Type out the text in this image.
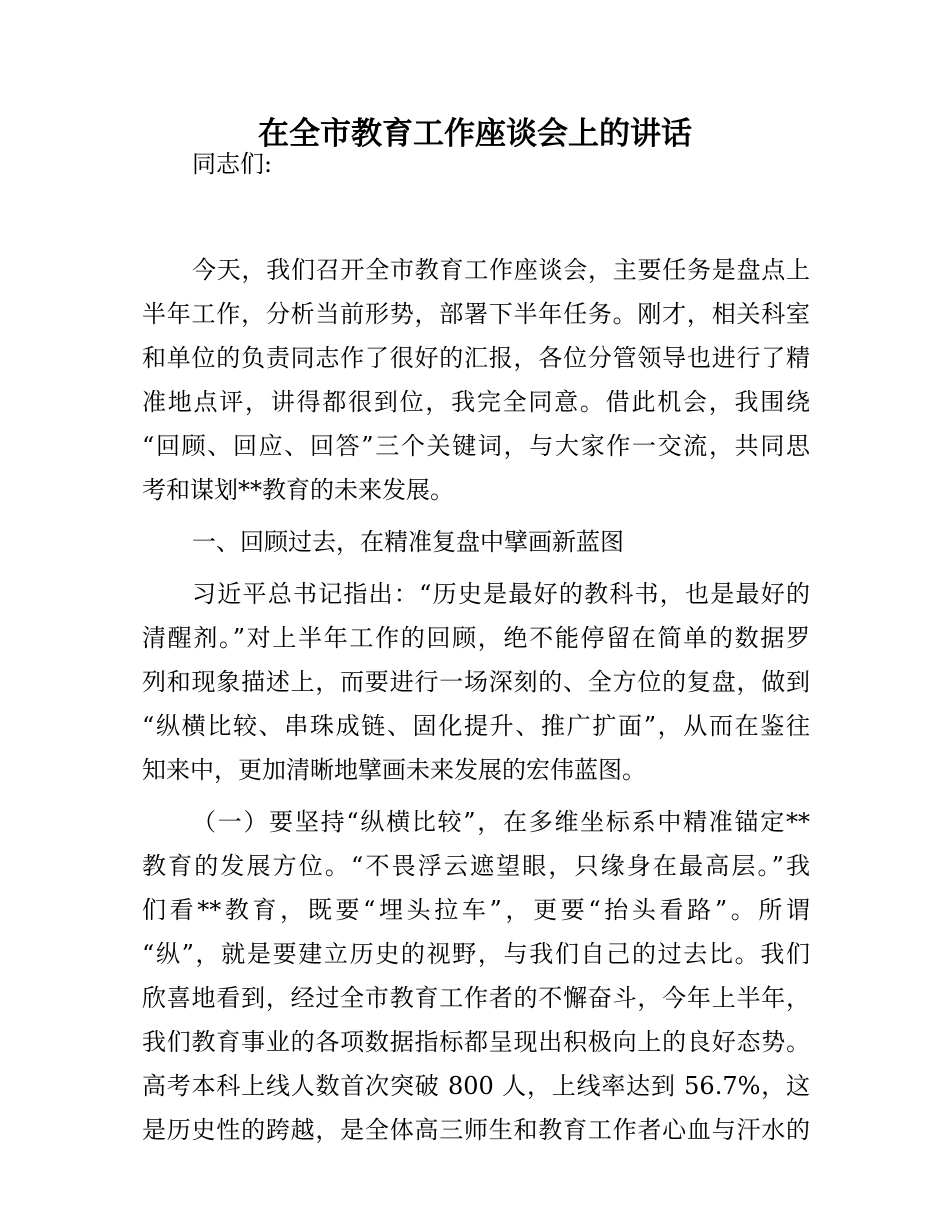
在全市教育工作座谈会上的讲话
同志们:
今天，我们召开全市教育工作座谈会，主要任务是盘点上
半年工作，分析当前形势，部署下半年任务。刚才，相关科室
和单位的负责同志作了很好的汇报，各位分管领导也进行了精
准地点评，讲得都很到位，我完全同意。借此机会，我围绕
“回顾、回应、回答”三个关键词，与大家作一交流，共同思
考和谋划**教育的未来发展。
一、回顾过去，在精准复盘中擘画新蓝图
习近平总书记指出：“历史是最好的教科书，也是最好的
清醒剂。”对上半年工作的回顾，绝不能停留在简单的数据罗
列和现象描述上，而要进行一场深刻的、全方位的复盘，做到
“纵横比较、串珠成链、固化提升、推广扩面”，从而在鉴往
知来中，更加清晰地擘画未来发展的宏伟蓝图。
（一）要坚持“纵横比较”，在多维坐标系中精准锚定**
教育的发展方位。“不畏浮云遮望眼，只缘身在最高层。”我
们看**教育，既要“埋头拉车”，更要“抬头看路”。所谓
“纵”，就是要建立历史的视野，与我们自己的过去比。我们
欣喜地看到，经过全市教育工作者的不懈奋斗，今年上半年，
我们教育事业的各项数据指标都呈现出积极向上的良好态势。
高考本科上线人数首次突破 800 人，上线率达到 56.7%，这
是历史性的跨越，是全体高三师生和教育工作者心血与汗水的
